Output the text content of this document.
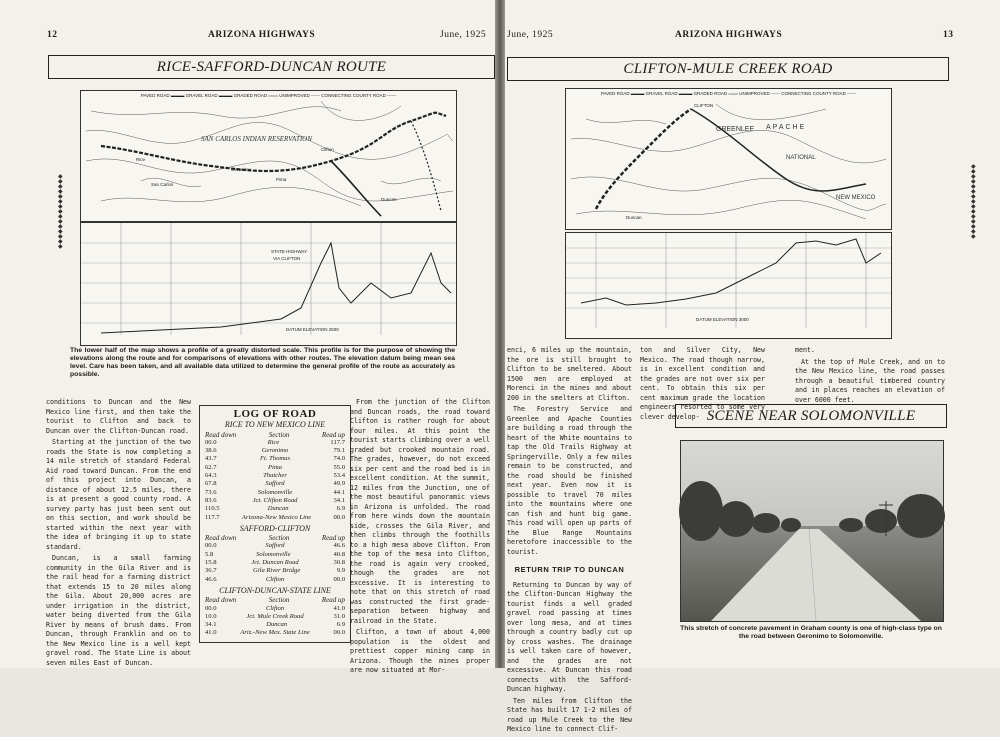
12	ARIZONA HIGHWAYS	June, 1925
RICE-SAFFORD-DUNCAN ROUTE
◆
◆
◆
◆
◆
◆
◆
◆
◆
◆
◆
◆
◆
◆
◆
PAVED ROAD ▬▬▬ GRAVEL ROAD ▬▬▬ GRADED ROAD ═══ UNIMPROVED ------ CONNECTING COUNTY ROAD ------
Rice
San Carlos
Geronimo
Pima
Clifton
Duncan
SAN CARLOS INDIAN RESERVATION
STATE HIGHWAY
VIA CLIFTON
DATUM ELEVATION 2500
The lower half of the map shows a profile of a greatly distorted scale. This profile is for the purpose of showing the elevations along the route and for comparisons of elevations with other routes. The elevation datum being mean sea level. Care has been taken, and all available data utilized to determine the general profile of the route as accurately as possible.

conditions to Duncan and the New Mexico line first, and then take the tourist to Clifton and back to Duncan over the Clifton-Duncan road.

Starting at the junction of the two roads the State is now completing a 14 mile stretch of standard Federal Aid road toward Duncan. From the end of this project into Duncan, a distance of about 12.5 miles, there is at present a good county road. A survey party has just been sent out on this section, and work should be started within the next year with the idea of bringing it up to state standard.

Duncan, is a small farming community in the Gila River and is the rail head for a farming district that extends 15 to 20 miles along the Gila. About 20,000 acres are under irrigation in the district, water being diverted from the Gila River by means of brush dams. From Duncan, through Franklin and on to the New Mexico line is a well kept gravel road. The State Line is about seven miles East of Duncan.

LOG OF ROAD
RICE TO NEW MEXICO LINE
Read down	Section	Read up
00.0	Rice	117.7
38.6	Geronimo	79.1
43.7	Ft. Thomas	74.0
62.7	Pima	55.0
64.3	Thatcher	53.4
67.8	Safford	49.9
73.6	Solomonville	44.1
83.6	Jct. Clifton Road	34.1
110.5	Duncan	6.9
117.7	Arizona-New Mexico Line	00.0
SAFFORD-CLIFTON
Read down	Section	Read up
00.0	Safford	46.6
5.8	Solomonville	40.8
15.8	Jct. Duncan Road	30.8
36.7	Gila River Bridge	9.9
46.6	Clifton	00.0
CLIFTON-DUNCAN-STATE LINE
Read down	Section	Read up
00.0	Clifton	41.0
10.0	Jct. Mule Creek Road	31.0
34.1	Duncan	6.9
41.0	Ariz.-New Mex. State Line	00.0

From the junction of the Clifton and Duncan roads, the road toward Clifton is rather rough for about four miles. At this point the tourist starts climbing over a well graded but crooked mountain road. The grades, however, do not exceed six per cent and the road bed is in excellent condition. At the summit, 12 miles from the Junction, one of the most beautiful panoramic views in Arizona is unfolded. The road from here winds down the mountain side, crosses the Gila River, and then climbs through the foothills to a high mesa above Clifton. From the top of the mesa into Clifton, the road is again very crooked, though the grades are not excessive. It is interesting to note that on this stretch of road was constructed the first grade-separation between highway and railroad in the State.

Clifton, a town of about 4,000 population is the oldest and prettiest copper mining camp in Arizona. Though the mines proper are now situated at Mor-

June, 1925	ARIZONA HIGHWAYS	13
CLIFTON-MULE CREEK ROAD
◆
◆
◆
◆
◆
◆
◆
◆
◆
◆
◆
◆
◆
◆
◆
PAVED ROAD ▬▬▬ GRAVEL ROAD ▬▬▬ GRADED ROAD ═══ UNIMPROVED ------ CONNECTING COUNTY ROAD ------
CLIFTON
GREENLEE APACHE
NATIONAL
Duncan
NEW MEXICO
DATUM ELEVATION 3000

enci, 6 miles up the mountain, the ore is still brought to Clifton to be smeltered. About 1500 men are employed at Morenci in the mines and about 200 in the smelters at Clifton.

The Forestry Service and Greenlee and Apache Counties are building a road through the heart of the White mountains to tap the Old Trails Highway at Springerville. Only a few miles remain to be constructed, and the road should be finished next year. Even now it is possible to travel 70 miles into the mountains where one can fish and hunt big game. This road will open up parts of the Blue Range Mountains heretofore inaccessible to the tourist.

RETURN TRIP TO DUNCAN

Returning to Duncan by way of the Clifton-Duncan Highway the tourist finds a well graded gravel road passing at times over long mesa, and at times through a country badly cut up by cross washes. The drainage is well taken care of however, and the grades are not excessive. At Duncan this road connects with the Safford-Duncan highway.

Ten miles from Clifton the State has built 17 1-2 miles of road up Mule Creek to the New Mexico line to connect Clif-

ton and Silver City, New Mexico. The road though narrow, is in excellent condition and the grades are not over six per cent. To obtain this six per cent maximum grade the location engineers resorted to some very clever develop-

ment.

At the top of Mule Creek, and on to the New Mexico line, the road passes through a beautiful timbered country and in places reaches an elevation of over 6000 feet.

SCENE NEAR SOLOMONVILLE
This stretch of concrete pavement in Graham county is one of high-class type on the road between Geronimo to Solomonville.
